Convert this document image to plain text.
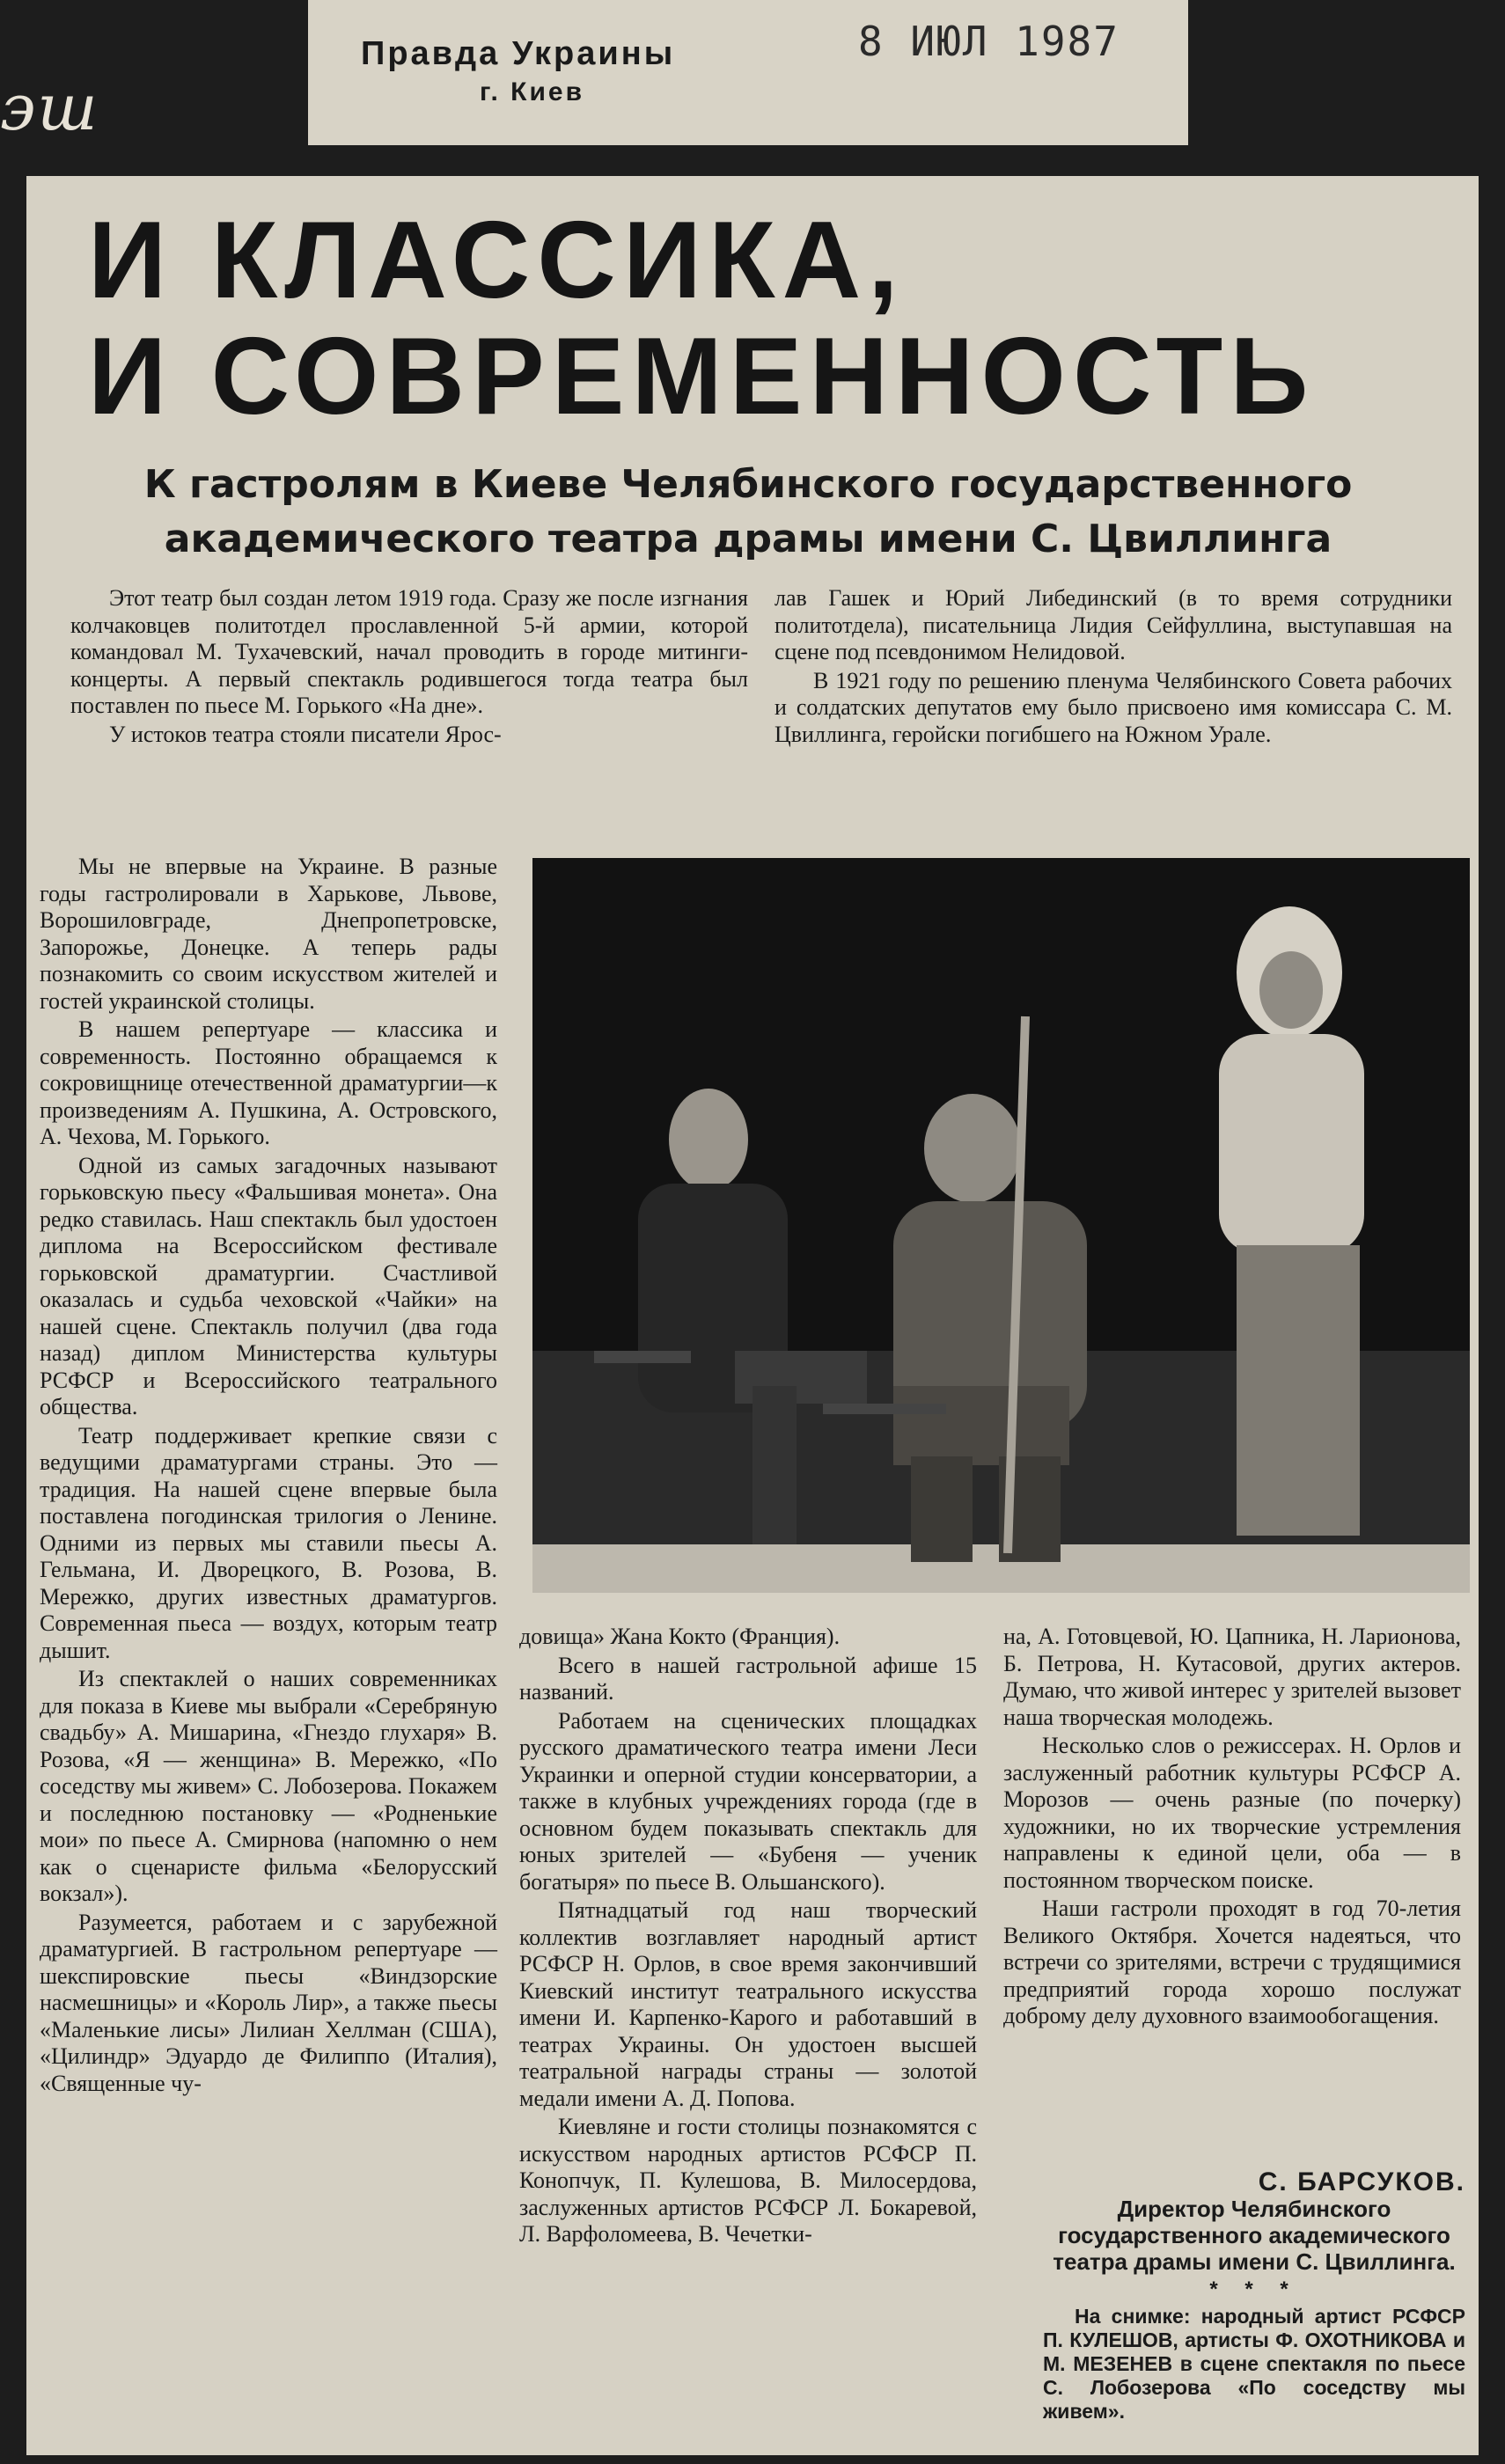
эш
Правда Украины
г. Киев
8 ИЮЛ 1987
И КЛАССИКА,
И СОВРЕМЕННОСТЬ
К гастролям в Киеве Челябинского государственного
академического театра драмы имени С. Цвиллинга

Этот театр был создан летом 1919 года. Сразу же после изгнания колчаковцев политотдел прославленной 5-й армии, которой командовал М. Тухачевский, начал проводить в городе митинги-концерты. А первый спектакль родившегося тогда театра был поставлен по пьесе М. Горького «На дне».

У истоков театра стояли писатели Ярос-

лав Гашек и Юрий Либединский (в то время сотрудники политотдела), писательница Лидия Сейфуллина, выступавшая на сцене под псевдонимом Нелидовой.

В 1921 году по решению пленума Челябинского Совета рабочих и солдатских депутатов ему было присвоено имя комиссара С. М. Цвиллинга, геройски погибшего на Южном Урале.

Мы не впервые на Украине. В разные годы гастролировали в Харькове, Львове, Ворошиловграде, Днепропетровске, Запорожье, Донецке. А теперь рады познакомить со своим искусством жителей и гостей украинской столицы.

В нашем репертуаре — классика и современность. Постоянно обращаемся к сокровищнице отечественной драматургии—к произведениям А. Пушкина, А. Островского, А. Чехова, М. Горького.

Одной из самых загадочных называют горьковскую пьесу «Фальшивая монета». Она редко ставилась. Наш спектакль был удостоен диплома на Всероссийском фестивале горьковской драматургии. Счастливой оказалась и судьба чеховской «Чайки» на нашей сцене. Спектакль получил (два года назад) диплом Министерства культуры РСФСР и Всероссийского театрального общества.

Театр поддерживает крепкие связи с ведущими драматургами страны. Это — традиция. На нашей сцене впервые была поставлена погодинская трилогия о Ленине. Одними из первых мы ставили пьесы А. Гельмана, И. Дворецкого, В. Розова, В. Мережко, других известных драматургов. Современная пьеса — воздух, которым театр дышит.

Из спектаклей о наших современниках для показа в Киеве мы выбрали «Серебряную свадьбу» А. Мишарина, «Гнездо глухаря» В. Розова, «Я — женщина» В. Мережко, «По соседству мы живем» С. Лобозерова. Покажем и последнюю постановку — «Родненькие мои» по пьесе А. Смирнова (напомню о нем как о сценаристе фильма «Белорусский вокзал»).

Разумеется, работаем и с зарубежной драматургией. В гастрольном репертуаре — шекспировские пьесы «Виндзорские насмешницы» и «Король Лир», а также пьесы «Маленькие лисы» Лилиан Хеллман (США), «Цилиндр» Эдуардо де Филиппо (Италия), «Священные чу-

довища» Жана Кокто (Франция).

Всего в нашей гастрольной афише 15 названий.

Работаем на сценических площадках русского драматического театра имени Леси Украинки и оперной студии консерватории, а также в клубных учреждениях города (где в основном будем показывать спектакль для юных зрителей — «Бубеня — ученик богатыря» по пьесе В. Ольшанского).

Пятнадцатый год наш творческий коллектив возглавляет народный артист РСФСР Н. Орлов, в свое время закончивший Киевский институт театрального искусства имени И. Карпенко-Карого и работавший в театрах Украины. Он удостоен высшей театральной награды страны — золотой медали имени А. Д. Попова.

Киевляне и гости столицы познакомятся с искусством народных артистов РСФСР П. Конопчук, П. Кулешова, В. Милосердова, заслуженных артистов РСФСР Л. Бокаревой, Л. Варфоломеева, В. Чечетки-

на, А. Готовцевой, Ю. Цапника, Н. Ларионова, Б. Петрова, Н. Кутасовой, других актеров. Думаю, что живой интерес у зрителей вызовет наша творческая молодежь.

Несколько слов о режиссерах. Н. Орлов и заслуженный работник культуры РСФСР А. Морозов — очень разные (по почерку) художники, но их творческие устремления направлены к единой цели, оба — в постоянном творческом поиске.

Наши гастроли проходят в год 70-летия Великого Октября. Хочется надеяться, что встречи со зрителями, встречи с трудящимися предприятий города хорошо послужат доброму делу духовного взаимообогащения.

С. БАРСУКОВ.
Директор Челябинского государственного академического театра драмы имени С. Цвиллинга.
* * *

На снимке: народный артист РСФСР П. КУЛЕШОВ, артисты Ф. ОХОТНИКОВА и М. МЕЗЕНЕВ в сцене спектакля по пьесе С. Лобозерова «По соседству мы живем».
